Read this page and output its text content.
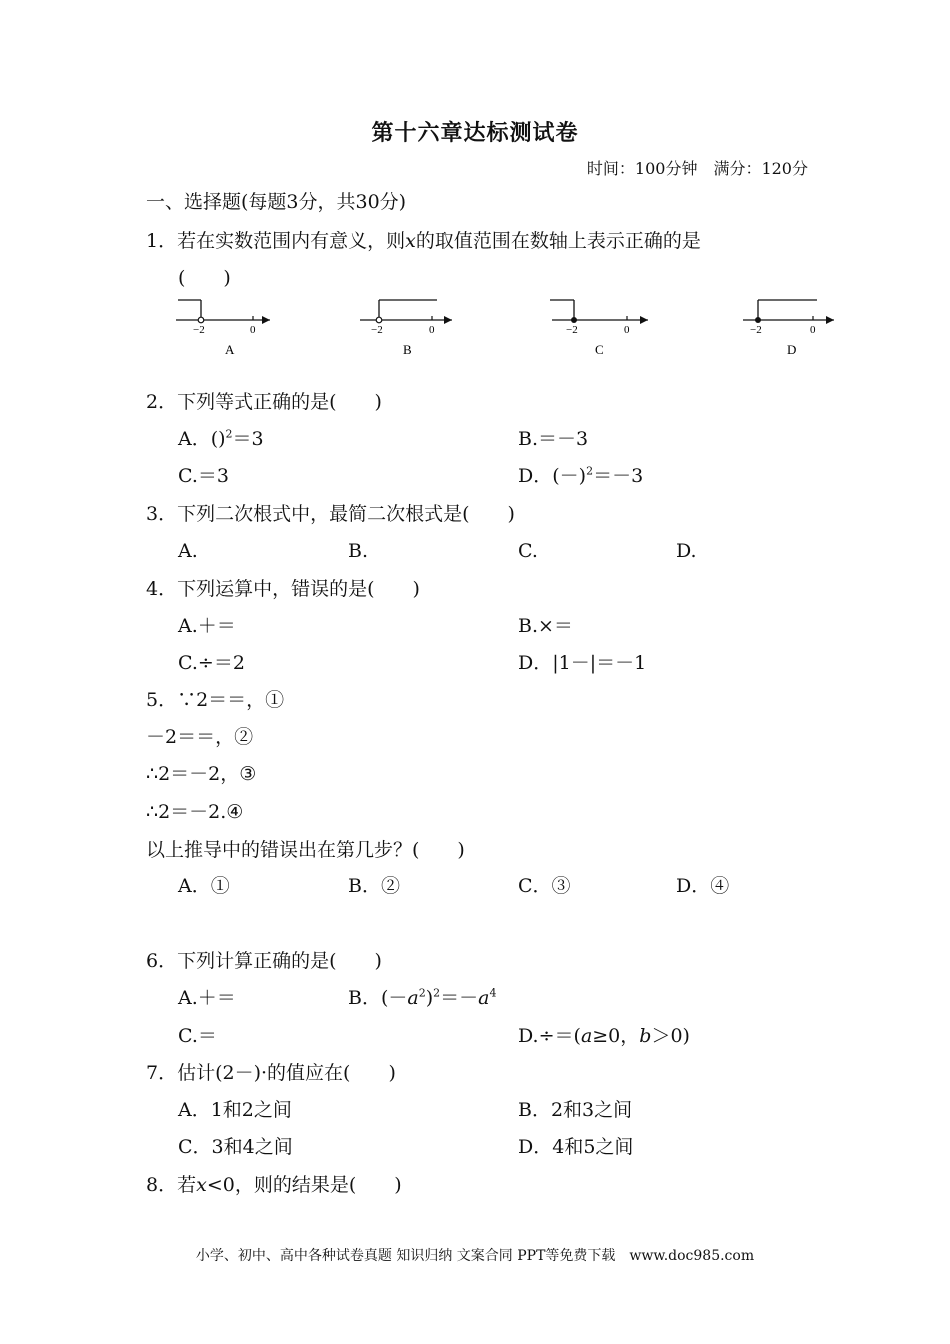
第十六章达标测试卷
时间：100分钟　满分：120分
一、选择题(每题3分，共30分)
1．若在实数范围内有意义，则x的取值范围在数轴上表示正确的是
(　　)
−2	0
A
−2	0
B
−2	0
C
−2	0
D
2．下列等式正确的是(　　)
A．()$^2$＝3	B.＝－3
C.＝3	D．$(-)^2=-3$
3．下列二次根式中，最简二次根式是(　　)
A.	B.	C.	D.
4．下列运算中，错误的是(　　)
A.＋＝	B.×＝
C.÷＝2	D．|1－|＝－1
5．∵2＝＝，①
－2＝＝，②
∴2＝－2，③
∴2＝－2.④
以上推导中的错误出在第几步？(　　)
A．①	B．②	C．③	D．④
6．下列计算正确的是(　　)
A.＋＝	B．$(-a^2)^2=-a^4$
C.＝	D.÷＝(a≥0，b＞0)
7．估计(2－)·的值应在(　　)
A．1和2之间	B．2和3之间
C．3和4之间	D．4和5之间
8．若x<0，则的结果是(　　)
小学、初中、高中各种试卷真题 知识归纳 文案合同 PPT等免费下载　www.doc985.com
